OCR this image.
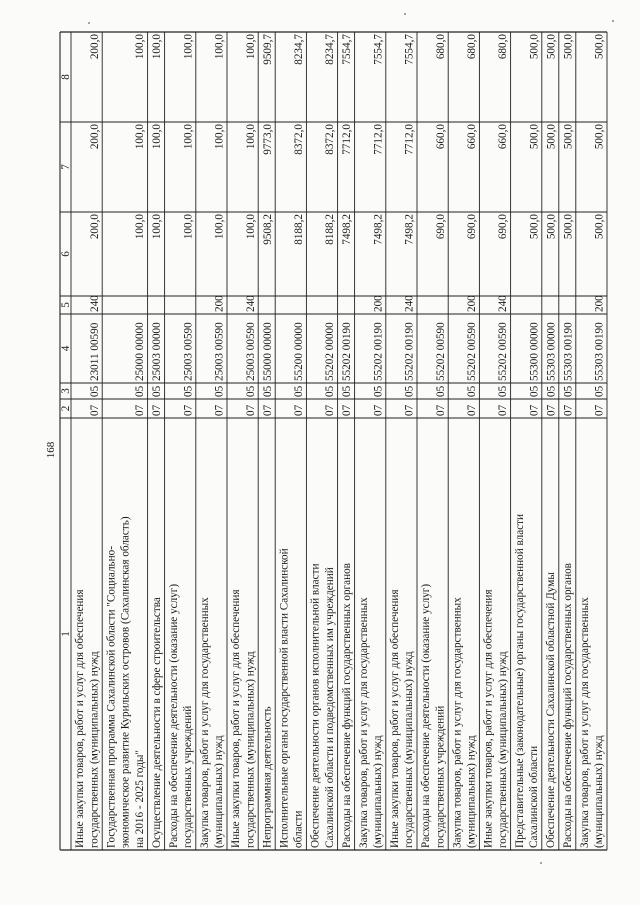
168
1
2
3
4
5
6
7
8
Иные закупки товаров, работ и услуг для обеспечения государственных (муниципальных) нужд
07
05
23011 00590
240
200,0
200,0
200,0
Государственная программа Сахалинской области "Социально- экономическое развитие Курильских островов (Сахалинская область) на 2016 - 2025 годы"
07
05
25000 00000
100,0
100,0
100,0
Осуществление деятельности в сфере строительства
07
05
25003 00000
100,0
100,0
100,0
Расходы на обеспечение деятельности (оказание услуг) государственных учреждений
07
05
25003 00590
100,0
100,0
100,0
Закупка товаров, работ и услуг для государственных (муниципальных) нужд
07
05
25003 00590
200
100,0
100,0
100,0
Иные закупки товаров, работ и услуг для обеспечения государственных (муниципальных) нужд
07
05
25003 00590
240
100,0
100,0
100,0
Непрограммная деятельность
07
05
55000 00000
9508,2
9773,0
9509,7
Исполнительные органы государственной власти Сахалинской области
07
05
55200 00000
8188,2
8372,0
8234,7
Обеспечение деятельности органов исполнительной власти Сахалинской области и подведомственных им учреждений
07
05
55202 00000
8188,2
8372,0
8234,7
Расходы на обеспечение функций государственных органов
07
05
55202 00190
7498,2
7712,0
7554,7
Закупка товаров, работ и услуг для государственных (муниципальных) нужд
07
05
55202 00190
200
7498,2
7712,0
7554,7
Иные закупки товаров, работ и услуг для обеспечения государственных (муниципальных) нужд
07
05
55202 00190
240
7498,2
7712,0
7554,7
Расходы на обеспечение деятельности (оказание услуг) государственных учреждений
07
05
55202 00590
690,0
660,0
680,0
Закупка товаров, работ и услуг для государственных (муниципальных) нужд
07
05
55202 00590
200
690,0
660,0
680,0
Иные закупки товаров, работ и услуг для обеспечения государственных (муниципальных) нужд
07
05
55202 00590
240
690,0
660,0
680,0
Представительные (законодательные) органы государственной власти Сахалинской области
07
05
55300 00000
500,0
500,0
500,0
Обеспечение деятельности Сахалинской областной Думы
07
05
55303 00000
500,0
500,0
500,0
Расходы на обеспечение функций государственных органов
07
05
55303 00190
500,0
500,0
500,0
Закупка товаров, работ и услуг для государственных (муниципальных) нужд
07
05
55303 00190
200
500,0
500,0
500,0
